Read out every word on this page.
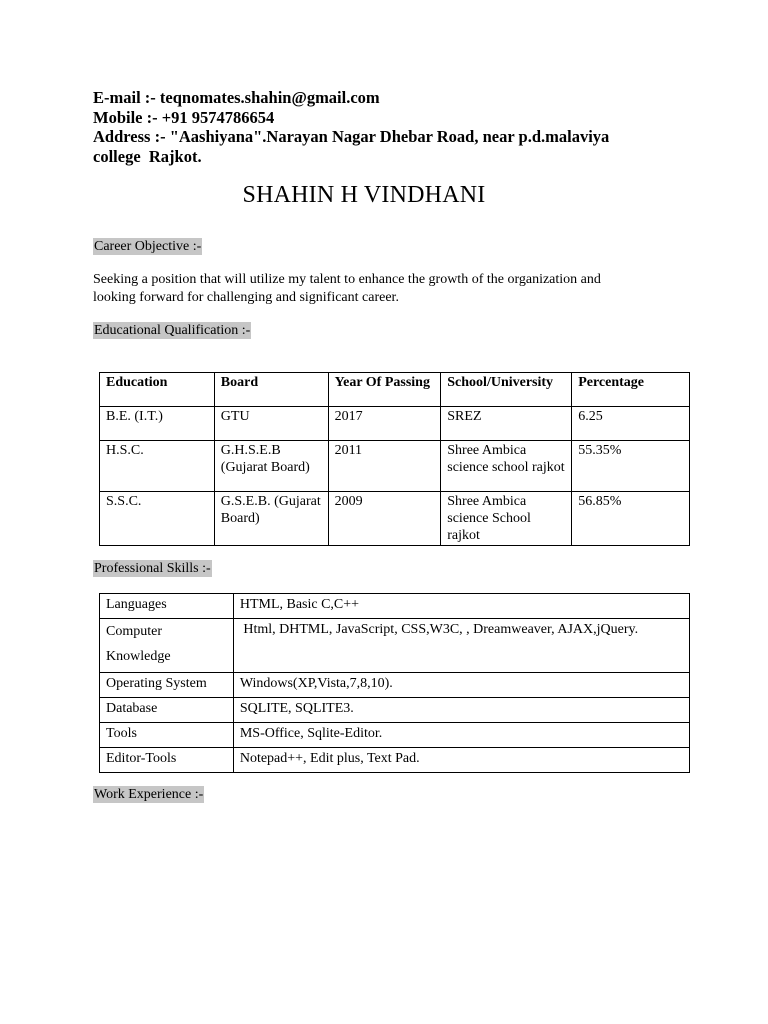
E-mail :- teqnomates.shahin@gmail.com
Mobile :- +91 9574786654
Address :- "Aashiyana".Narayan Nagar Dhebar Road, near p.d.malaviya
college  Rajkot.
SHAHIN H VINDHANI
Career Objective :-
Seeking a position that will utilize my talent to enhance the growth of the organization and
looking forward for challenging and significant career.
Educational Qualification :-
Education	Board	Year Of Passing	School/University	Percentage
B.E. (I.T.)	GTU	2017	SREZ	6.25
H.S.C.	G.H.S.E.B (Gujarat Board)	2011	Shree Ambica science school rajkot	55.35%
S.S.C.	G.S.E.B. (Gujarat Board)	2009	Shree Ambica science School rajkot	56.85%
Professional Skills :-
Languages	HTML, Basic C,C++
Computer Knowledge	Html, DHTML, JavaScript, CSS,W3C, , Dreamweaver, AJAX,jQuery.
Operating System	Windows(XP,Vista,7,8,10).
Database	SQLITE, SQLITE3.
Tools	MS-Office, Sqlite-Editor.
Editor-Tools	Notepad++, Edit plus, Text Pad.
Work Experience :-
